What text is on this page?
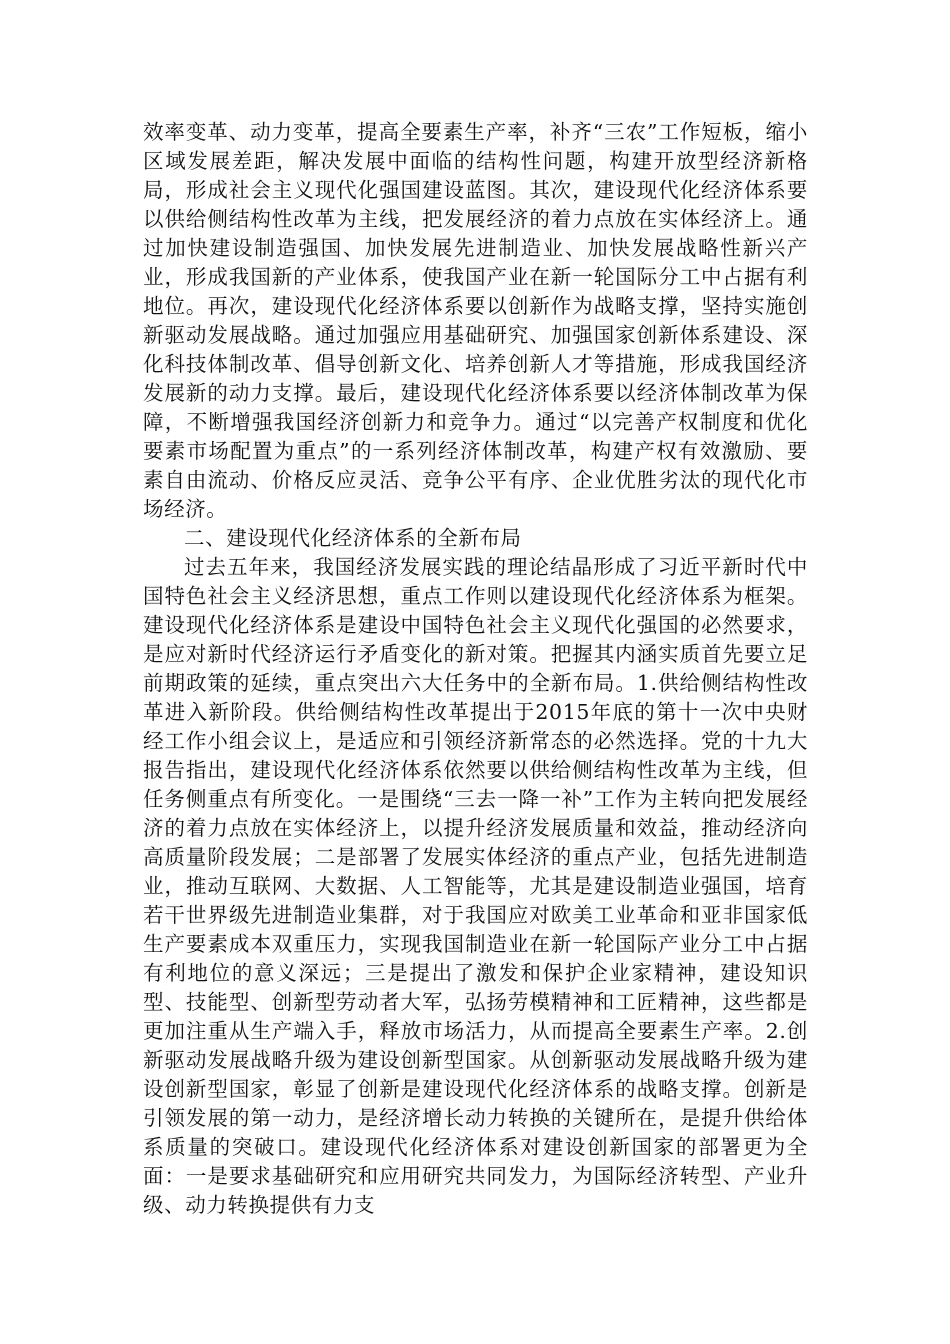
效率变革、动力变革，提高全要素生产率，补齐“三农”工作短板，缩小区域发展差距，解决发展中面临的结构性问题，构建开放型经济新格局，形成社会主义现代化强国建设蓝图。其次，建设现代化经济体系要以供给侧结构性改革为主线，把发展经济的着力点放在实体经济上。通过加快建设制造强国、加快发展先进制造业、加快发展战略性新兴产业，形成我国新的产业体系，使我国产业在新一轮国际分工中占据有利地位。再次，建设现代化经济体系要以创新作为战略支撑，坚持实施创新驱动发展战略。通过加强应用基础研究、加强国家创新体系建设、深化科技体制改革、倡导创新文化、培养创新人才等措施，形成我国经济发展新的动力支撑。最后，建设现代化经济体系要以经济体制改革为保障，不断增强我国经济创新力和竞争力。通过“以完善产权制度和优化要素市场配置为重点”的一系列经济体制改革，构建产权有效激励、要素自由流动、价格反应灵活、竞争公平有序、企业优胜劣汰的现代化市场经济。

二、建设现代化经济体系的全新布局

过去五年来，我国经济发展实践的理论结晶形成了习近平新时代中国特色社会主义经济思想，重点工作则以建设现代化经济体系为框架。建设现代化经济体系是建设中国特色社会主义现代化强国的必然要求，是应对新时代经济运行矛盾变化的新对策。把握其内涵实质首先要立足前期政策的延续，重点突出六大任务中的全新布局。1.供给侧结构性改革进入新阶段。供给侧结构性改革提出于2015年底的第十一次中央财经工作小组会议上，是适应和引领经济新常态的必然选择。党的十九大报告指出，建设现代化经济体系依然要以供给侧结构性改革为主线，但任务侧重点有所变化。一是围绕“三去一降一补”工作为主转向把发展经济的着力点放在实体经济上，以提升经济发展质量和效益，推动经济向高质量阶段发展；二是部署了发展实体经济的重点产业，包括先进制造业，推动互联网、大数据、人工智能等，尤其是建设制造业强国，培育若干世界级先进制造业集群，对于我国应对欧美工业革命和亚非国家低生产要素成本双重压力，实现我国制造业在新一轮国际产业分工中占据有利地位的意义深远；三是提出了激发和保护企业家精神，建设知识型、技能型、创新型劳动者大军，弘扬劳模精神和工匠精神，这些都是更加注重从生产端入手，释放市场活力，从而提高全要素生产率。2.创新驱动发展战略升级为建设创新型国家。从创新驱动发展战略升级为建设创新型国家，彰显了创新是建设现代化经济体系的战略支撑。创新是引领发展的第一动力，是经济增长动力转换的关键所在，是提升供给体系质量的突破口。建设现代化经济体系对建设创新国家的部署更为全面：一是要求基础研究和应用研究共同发力，为国际经济转型、产业升级、动力转换提供有力支
